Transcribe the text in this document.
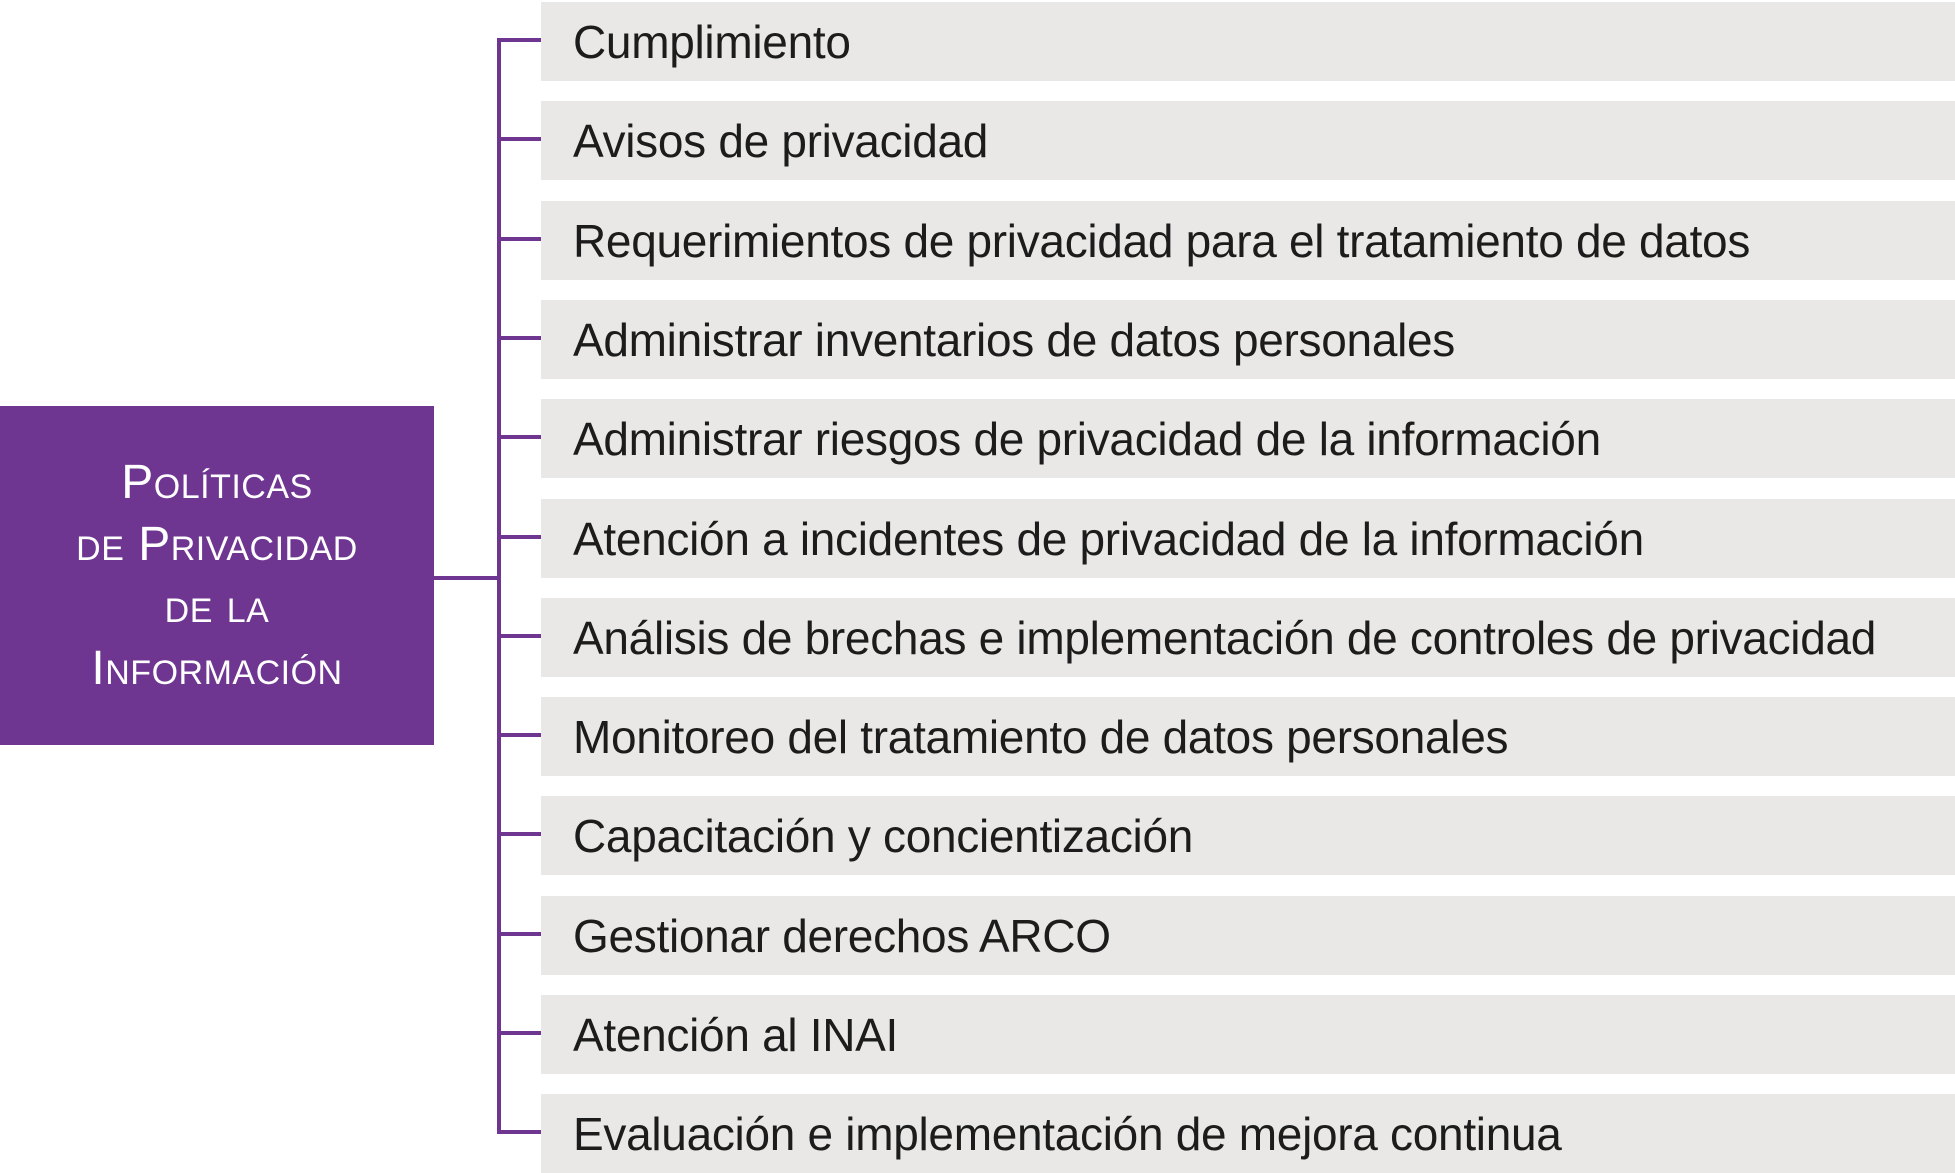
Políticas
de Privacidad
de la
Información
Cumplimiento
Avisos de privacidad
Requerimientos de privacidad para el tratamiento de datos
Administrar inventarios de datos personales
Administrar riesgos de privacidad de la información
Atención a incidentes de privacidad de la información
Análisis de brechas e implementación de controles de privacidad
Monitoreo del tratamiento de datos personales
Capacitación y concientización
Gestionar derechos ARCO
Atención al INAI
Evaluación e implementación de mejora continua
